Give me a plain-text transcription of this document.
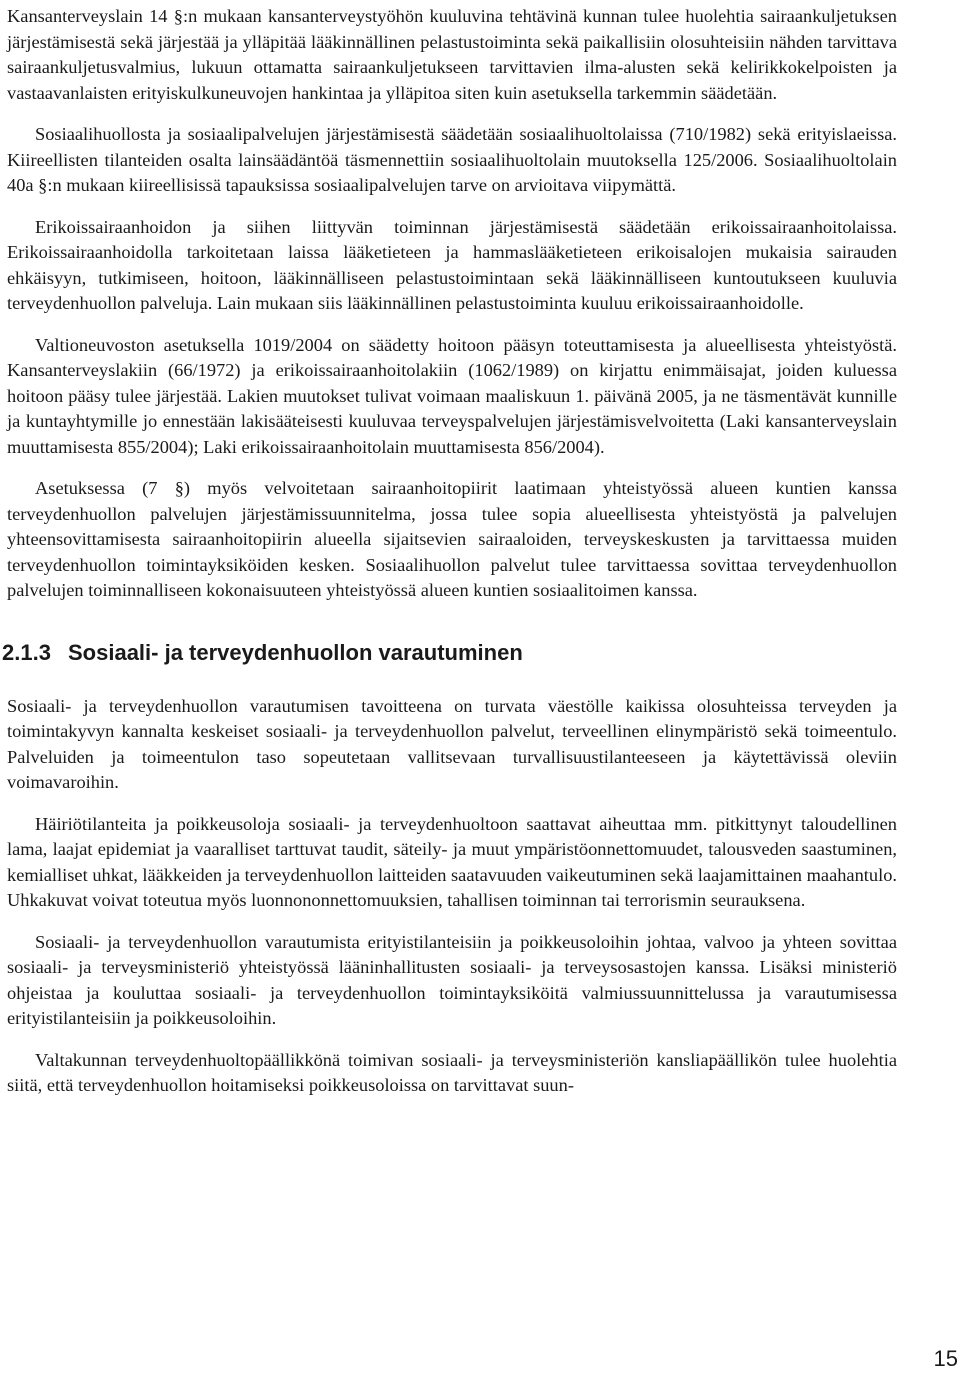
Kansanterveyslain 14 §:n mukaan kansanterveystyöhön kuuluvina tehtävinä kunnan tulee huolehtia sairaankuljetuksen järjestämisestä sekä järjestää ja ylläpitää lääkinnällinen pelastustoiminta sekä paikallisiin olosuhteisiin nähden tarvittava sairaankuljetusvalmius, lukuun ottamatta sairaankuljetukseen tarvittavien ilma-alusten sekä kelirikkokelpoisten ja vastaavanlaisten erityiskulkuneuvojen hankintaa ja ylläpitoa siten kuin asetuksella tarkemmin säädetään.

Sosiaalihuollosta ja sosiaalipalvelujen järjestämisestä säädetään sosiaalihuoltolaissa (710/1982) sekä erityislaeissa. Kiireellisten tilanteiden osalta lainsäädäntöä täsmennettiin sosiaalihuoltolain muutoksella 125/2006. Sosiaalihuoltolain 40a §:n mukaan kiireellisissä tapauksissa sosiaalipalvelujen tarve on arvioitava viipymättä.

Erikoissairaanhoidon ja siihen liittyvän toiminnan järjestämisestä säädetään erikoissairaanhoitolaissa. Erikoissairaanhoidolla tarkoitetaan laissa lääketieteen ja hammaslääketieteen erikoisalojen mukaisia sairauden ehkäisyyn, tutkimiseen, hoitoon, lääkinnälliseen pelastustoimintaan sekä lääkinnälliseen kuntoutukseen kuuluvia terveydenhuollon palveluja. Lain mukaan siis lääkinnällinen pelastustoiminta kuuluu erikoissairaanhoidolle.

Valtioneuvoston asetuksella 1019/2004 on säädetty hoitoon pääsyn toteuttamisesta ja alueellisesta yhteistyöstä. Kansanterveyslakiin (66/1972) ja erikoissairaanhoitolakiin (1062/1989) on kirjattu enimmäisajat, joiden kuluessa hoitoon pääsy tulee järjestää. Lakien muutokset tulivat voimaan maaliskuun 1. päivänä 2005, ja ne täsmentävät kunnille ja kuntayhtymille jo ennestään lakisääteisesti kuuluvaa terveyspalvelujen järjestämisvelvoitetta (Laki kansanterveyslain muuttamisesta 855/2004); Laki erikoissairaanhoitolain muuttamisesta 856/2004).

Asetuksessa (7 §) myös velvoitetaan sairaanhoitopiirit laatimaan yhteistyössä alueen kuntien kanssa terveydenhuollon palvelujen järjestämissuunnitelma, jossa tulee sopia alueellisesta yhteistyöstä ja palvelujen yhteensovittamisesta sairaanhoitopiirin alueella sijaitsevien sairaaloiden, terveyskeskusten ja tarvittaessa muiden terveydenhuollon toimintayksiköiden kesken. Sosiaalihuollon palvelut tulee tarvittaessa sovittaa terveydenhuollon palvelujen toiminnalliseen kokonaisuuteen yhteistyössä alueen kuntien sosiaalitoimen kanssa.

2.1.3 Sosiaali- ja terveydenhuollon varautuminen

Sosiaali- ja terveydenhuollon varautumisen tavoitteena on turvata väestölle kaikissa olosuhteissa terveyden ja toimintakyvyn kannalta keskeiset sosiaali- ja terveydenhuollon palvelut, terveellinen elinympäristö sekä toimeentulo. Palveluiden ja toimeentulon taso sopeutetaan vallitsevaan turvallisuustilanteeseen ja käytettävissä oleviin voimavaroihin.

Häiriötilanteita ja poikkeusoloja sosiaali- ja terveydenhuoltoon saattavat aiheuttaa mm. pitkittynyt taloudellinen lama, laajat epidemiat ja vaaralliset tarttuvat taudit, säteily- ja muut ympäristöonnettomuudet, talousveden saastuminen, kemialliset uhkat, lääkkeiden ja terveydenhuollon laitteiden saatavuuden vaikeutuminen sekä laajamittainen maahantulo. Uhkakuvat voivat toteutua myös luonnononnettomuuksien, tahallisen toiminnan tai terrorismin seurauksena.

Sosiaali- ja terveydenhuollon varautumista erityistilanteisiin ja poikkeusoloihin johtaa, valvoo ja yhteen sovittaa sosiaali- ja terveysministeriö yhteistyössä lääninhallitusten sosiaali- ja terveysosastojen kanssa. Lisäksi ministeriö ohjeistaa ja kouluttaa sosiaali- ja terveydenhuollon toimintayksiköitä valmiussuunnittelussa ja varautumisessa erityistilanteisiin ja poikkeusoloihin.

Valtakunnan terveydenhuoltopäällikkönä toimivan sosiaali- ja terveysministeriön kansliapäällikön tulee huolehtia siitä, että terveydenhuollon hoitamiseksi poikkeusoloissa on tarvittavat suun-

15
